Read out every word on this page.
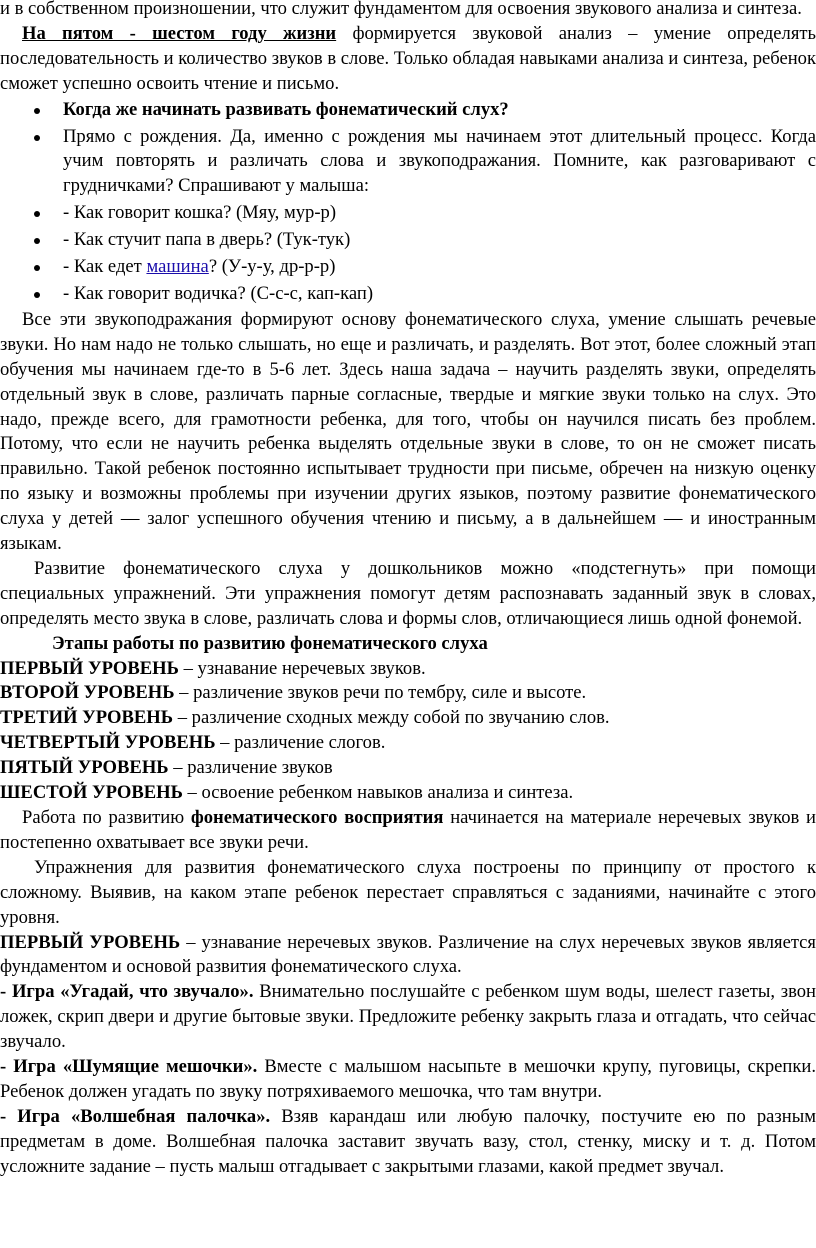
и в собственном произношении, что служит фундаментом для освоения звукового анализа и синтеза.

На пятом - шестом году жизни формируется звуковой анализ – умение определять последовательность и количество звуков в слове. Только обладая навыками анализа и синтеза, ребенок сможет успешно освоить чтение и письмо.

Когда же начинать развивать фонематический слух?
Прямо с рождения. Да, именно с рождения мы начинаем этот длительный процесс. Когда учим повторять и различать слова и звукоподражания. Помните, как разговаривают с грудничками? Спрашивают у малыша:
- Как говорит кошка? (Мяу, мур-р)
- Как стучит папа в дверь? (Тук-тук)
- Как едет машина? (У-у-у, др-р-р)
- Как говорит водичка? (С-с-с, кап-кап)

Все эти звукоподражания формируют основу фонематического слуха, умение слышать речевые звуки. Но нам надо не только слышать, но еще и различать, и разделять. Вот этот, более сложный этап обучения мы начинаем где-то в 5-6 лет. Здесь наша задача – научить разделять звуки, определять отдельный звук в слове, различать парные согласные, твердые и мягкие звуки только на слух. Это надо, прежде всего, для грамотности ребенка, для того, чтобы он научился писать без проблем. Потому, что если не научить ребенка выделять отдельные звуки в слове, то он не сможет писать правильно. Такой ребенок постоянно испытывает трудности при письме, обречен на низкую оценку по языку и возможны проблемы при изучении других языков, поэтому развитие фонематического слуха у детей — залог успешного обучения чтению и письму, а в дальнейшем — и иностранным языкам.

Развитие фонематического слуха у дошкольников можно «подстегнуть» при помощи специальных упражнений. Эти упражнения помогут детям распознавать заданный звук в словах, определять место звука в слове, различать слова и формы слов, отличающиеся лишь одной фонемой.

Этапы работы по развитию фонематического слуха

ПЕРВЫЙ УРОВЕНЬ – узнавание неречевых звуков.

ВТОРОЙ УРОВЕНЬ – различение звуков речи по тембру, силе и высоте.

ТРЕТИЙ УРОВЕНЬ – различение сходных между собой по звучанию слов.

ЧЕТВЕРТЫЙ УРОВЕНЬ – различение слогов.

ПЯТЫЙ УРОВЕНЬ – различение звуков

ШЕСТОЙ УРОВЕНЬ – освоение ребенком навыков анализа и синтеза.

Работа по развитию фонематического восприятия начинается на материале неречевых звуков и постепенно охватывает все звуки речи.

Упражнения для развития фонематического слуха построены по принципу от простого к сложному. Выявив, на каком этапе ребенок перестает справляться с заданиями, начинайте с этого уровня.

ПЕРВЫЙ УРОВЕНЬ – узнавание неречевых звуков. Различение на слух неречевых звуков является фундаментом и основой развития фонематического слуха.

- Игра «Угадай, что звучало». Внимательно послушайте с ребенком шум воды, шелест газеты, звон ложек, скрип двери и другие бытовые звуки. Предложите ребенку закрыть глаза и отгадать, что сейчас звучало.

- Игра «Шумящие мешочки». Вместе с малышом насыпьте в мешочки крупу, пуговицы, скрепки. Ребенок должен угадать по звуку потряхиваемого мешочка, что там внутри.

- Игра «Волшебная палочка». Взяв карандаш или любую палочку, постучите ею по разным предметам в доме. Волшебная палочка заставит звучать вазу, стол, стенку, миску и т. д. Потом усложните задание – пусть малыш отгадывает с закрытыми глазами, какой предмет звучал.
